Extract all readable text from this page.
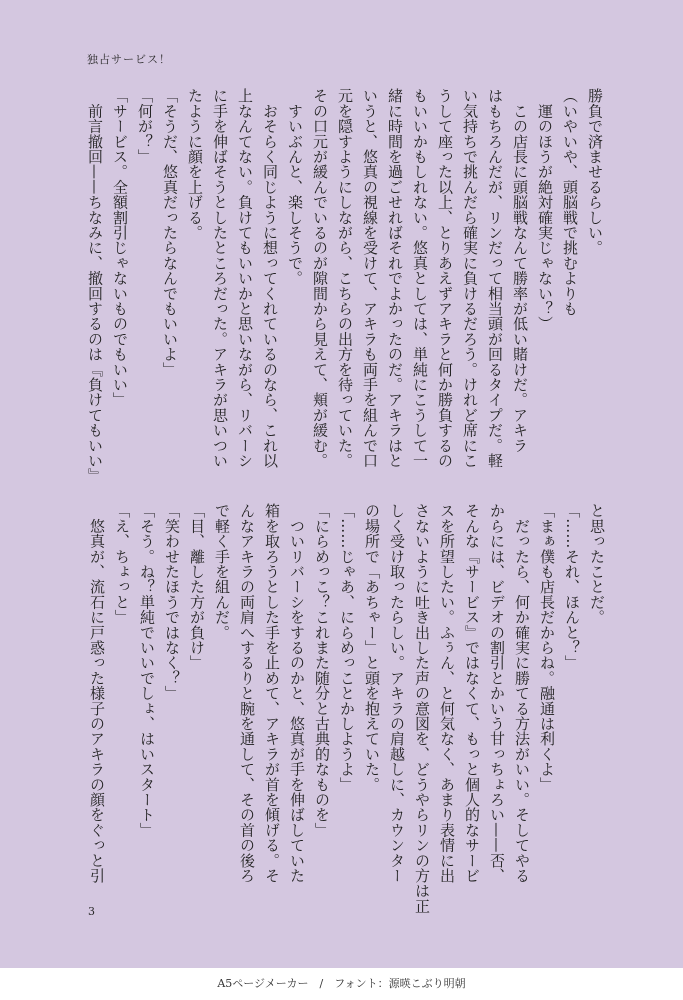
独占サービス！
勝負で済ませるらしい。
（いやいや、頭脳戦で挑むよりも
　運のほうが絶対確実じゃない？）
　この店長に頭脳戦なんて勝率が低い賭けだ。アキラ
はもちろんだが、リンだって相当頭が回るタイプだ。軽
い気持ちで挑んだら確実に負けるだろう。けれど席にこ
うして座った以上、とりあえずアキラと何か勝負するの
もいいかもしれない。悠真としては、単純にこうして一
緒に時間を過ごせればそれでよかったのだ。アキラはと
いうと、悠真の視線を受けて、アキラも両手を組んで口
元を隠すようにしながら、こちらの出方を待っていた。
その口元が緩んでいるのが隙間から見えて、頬が緩む。
　すいぶんと、楽しそうで。
　おそらく同じように想ってくれているのなら、これ以
上なんてない。負けてもいいかと思いながら、リバーシ
に手を伸ばそうとしたところだった。アキラが思いつい
たように顔を上げる。
「そうだ、悠真だったらなんでもいいよ」
「何が？」
「サービス。全額割引じゃないものでもいい」
　前言撤回——ちなみに、撤回するのは『負けてもいい』
と思ったことだ。
「……それ、ほんと？」
「まぁ僕も店長だからね。融通は利くよ」
　だったら、何か確実に勝てる方法がいい。そしてやる
からには、ビデオの割引とかいう甘っちょろい——否、
そんな『サービス』ではなくて、もっと個人的なサービ
スを所望したい。ふぅん、と何気なく、あまり表情に出
さないように吐き出した声の意図を、どうやらリンの方は正
しく受け取ったらしい。アキラの肩越しに、カウンター
の場所で「あちゃー」と頭を抱えていた。
「……じゃあ、にらめっことかしようよ」
「にらめっこ？これまた随分と古典的なものを」
　ついリバーシをするのかと、悠真が手を伸ばしていた
箱を取ろうとした手を止めて、アキラが首を傾げる。そ
んなアキラの両肩へするりと腕を通して、その首の後ろ
で軽く手を組んだ。
「目、離した方が負け」
「笑わせたほうではなく？」
「そう。ね？単純でいいでしょ、はいスタート」
「え、ちょっと」
　悠真が、流石に戸惑った様子のアキラの顔をぐっと引
3
A5ページメーカー　/　フォント：源暎こぶり明朝
